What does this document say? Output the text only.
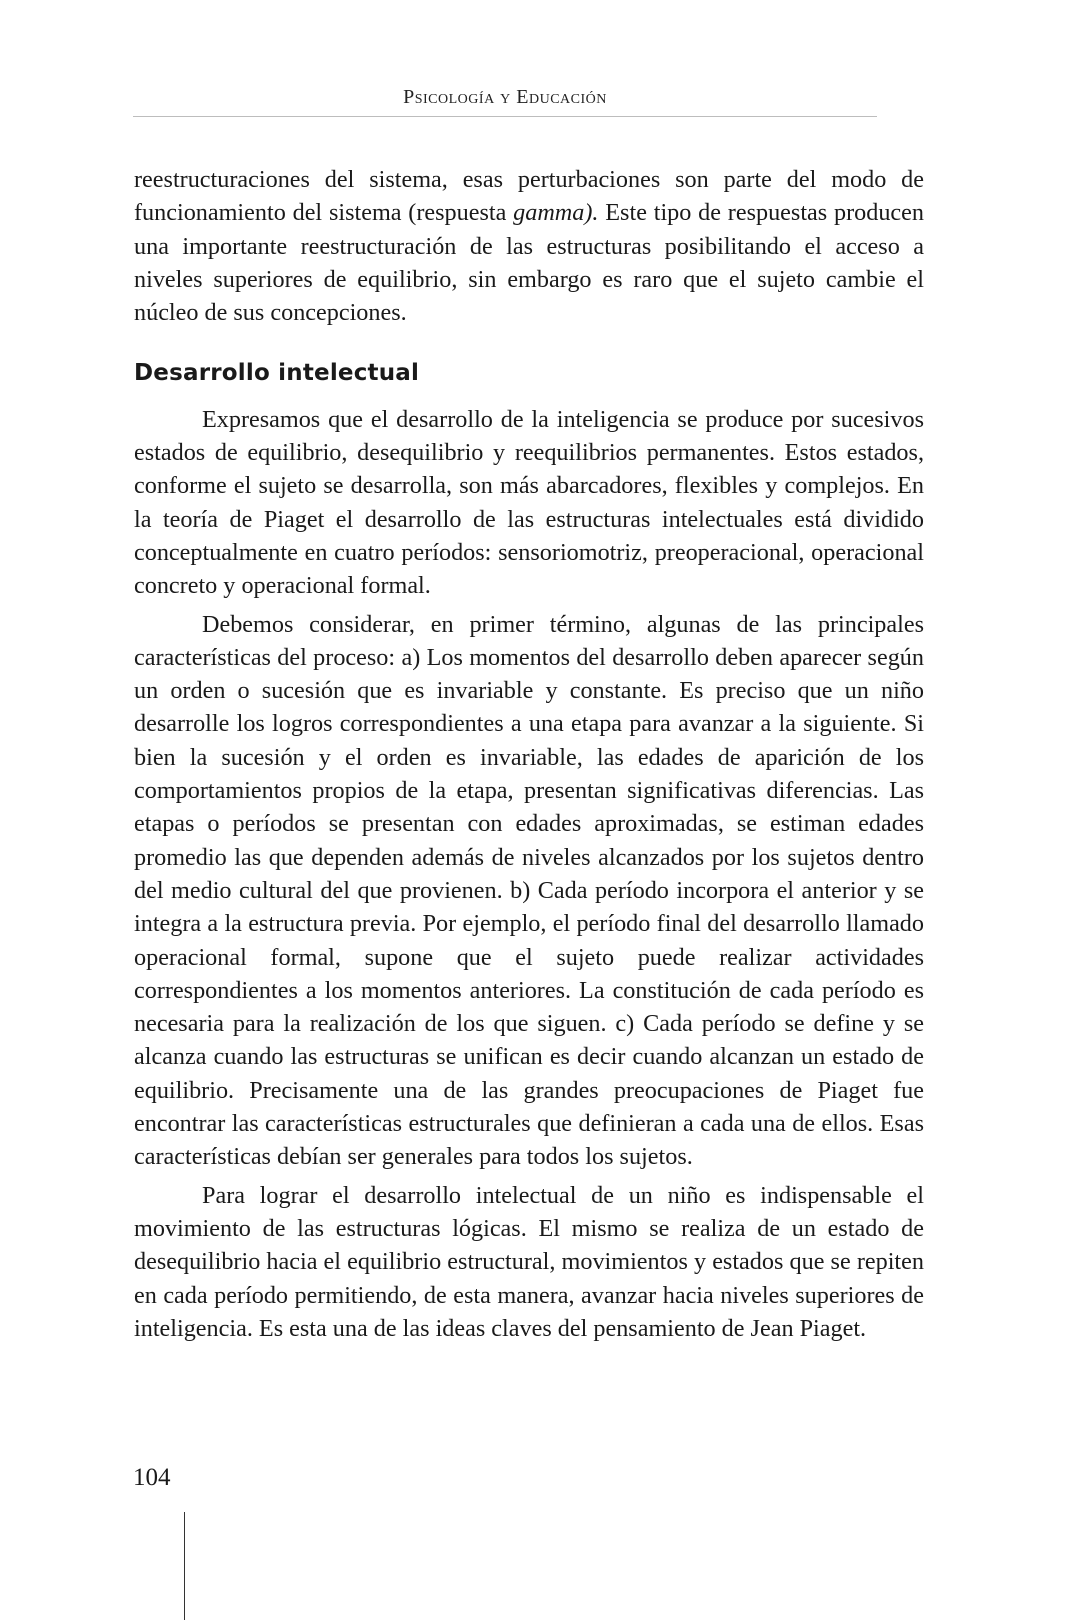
Psicología y Educación

reestructuraciones del sistema, esas perturbaciones son parte del modo de funcionamiento del sistema (respuesta gamma). Este tipo de respuestas producen una importante reestructuración de las estructuras posibilitando el acceso a niveles superiores de equilibrio, sin embargo es raro que el sujeto cambie el núcleo de sus concepciones.

Desarrollo intelectual

Expresamos que el desarrollo de la inteligencia se produce por sucesivos estados de equilibrio, desequilibrio y reequilibrios permanentes. Estos estados, conforme el sujeto se desarrolla, son más abarcadores, flexibles y complejos. En la teoría de Piaget el desarrollo de las estructuras intelectuales está dividido conceptualmente en cuatro períodos: sensoriomotriz, preoperacional, operacional concreto y operacional formal.

Debemos considerar, en primer término, algunas de las principales características del proceso: a) Los momentos del desarrollo deben aparecer según un orden o sucesión que es invariable y constante. Es preciso que un niño desarrolle los logros correspondientes a una etapa para avanzar a la siguiente. Si bien la sucesión y el orden es invariable, las edades de aparición de los comportamientos propios de la etapa, presentan significativas diferencias. Las etapas o períodos se presentan con edades aproximadas, se estiman edades promedio las que dependen además de niveles alcanzados por los sujetos dentro del medio cultural del que provienen. b) Cada período incorpora el anterior y se integra a la estructura previa. Por ejemplo, el período final del desarrollo llamado operacional formal, supone que el sujeto puede realizar actividades correspondientes a los momentos anteriores. La constitución de cada período es necesaria para la realización de los que siguen. c) Cada período se define y se alcanza cuando las estructuras se unifican es decir cuando alcanzan un estado de equilibrio. Precisamente una de las grandes preocupaciones de Piaget fue encontrar las características estructurales que definieran a cada una de ellos. Esas características debían ser generales para todos los sujetos.

Para lograr el desarrollo intelectual de un niño es indispensable el movimiento de las estructuras lógicas. El mismo se realiza de un estado de desequilibrio hacia el equilibrio estructural, movimientos y estados que se repiten en cada período permitiendo, de esta manera, avanzar hacia niveles superiores de inteligencia. Es esta una de las ideas claves del pensamiento de Jean Piaget.

104
